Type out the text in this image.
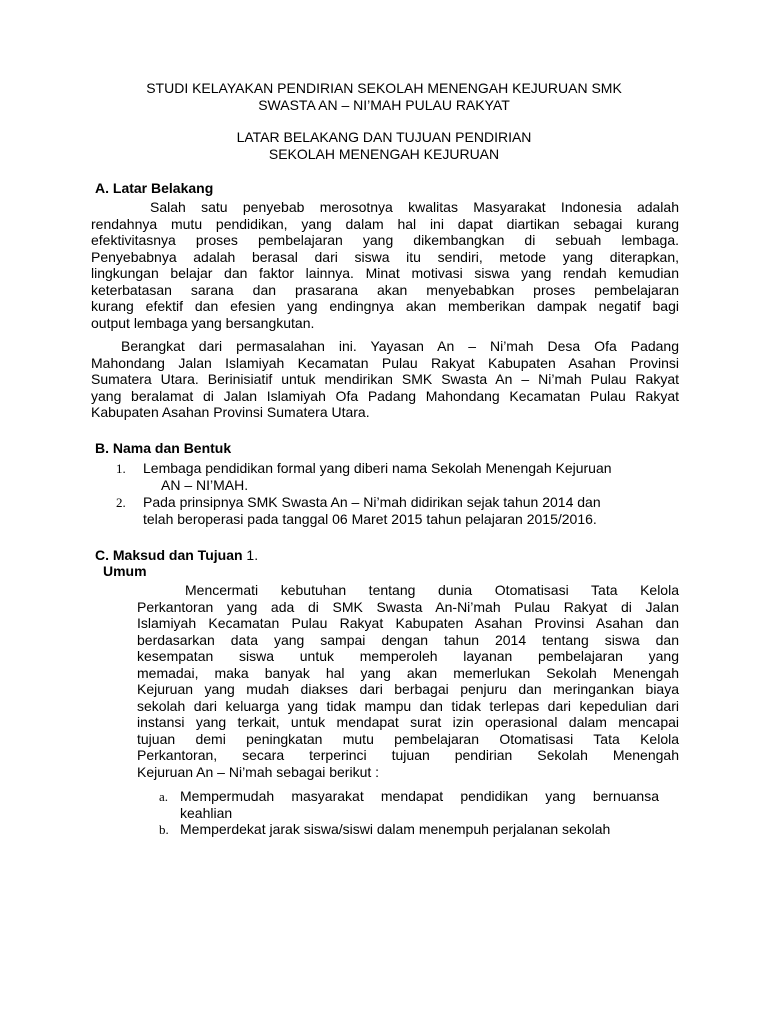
STUDI KELAYAKAN PENDIRIAN SEKOLAH MENENGAH KEJURUAN SMK
SWASTA AN – NI’MAH PULAU RAKYAT
LATAR BELAKANG DAN TUJUAN PENDIRIAN
SEKOLAH MENENGAH KEJURUAN
A. Latar Belakang
Salah satu penyebab merosotnya kwalitas Masyarakat Indonesia adalah
rendahnya mutu pendidikan, yang dalam hal ini dapat diartikan sebagai kurang
efektivitasnya proses pembelajaran yang dikembangkan di sebuah lembaga.
Penyebabnya adalah berasal dari siswa itu sendiri, metode yang diterapkan,
lingkungan belajar dan faktor lainnya. Minat motivasi siswa yang rendah kemudian
keterbatasan sarana dan prasarana akan menyebabkan proses pembelajaran
kurang efektif dan efesien yang endingnya akan memberikan dampak negatif bagi
output lembaga yang bersangkutan.
Berangkat dari permasalahan ini. Yayasan An – Ni’mah Desa Ofa Padang
Mahondang Jalan Islamiyah Kecamatan Pulau Rakyat Kabupaten Asahan Provinsi
Sumatera Utara. Berinisiatif untuk mendirikan SMK Swasta An – Ni’mah Pulau Rakyat
yang beralamat di Jalan Islamiyah Ofa Padang Mahondang Kecamatan Pulau Rakyat
Kabupaten Asahan Provinsi Sumatera Utara.
B. Nama dan Bentuk
1.	Lembaga pendidikan formal yang diberi nama Sekolah Menengah Kejuruan
AN – NI’MAH.
2.	Pada prinsipnya SMK Swasta An – Ni’mah didirikan sejak tahun 2014 dan
telah beroperasi pada tanggal 06 Maret 2015 tahun pelajaran 2015/2016.
C. Maksud dan Tujuan 1.
Umum
Mencermati kebutuhan tentang dunia Otomatisasi Tata Kelola
Perkantoran yang ada di SMK Swasta An-Ni’mah Pulau Rakyat di Jalan
Islamiyah Kecamatan Pulau Rakyat Kabupaten Asahan Provinsi Asahan dan
berdasarkan data yang sampai dengan tahun 2014 tentang siswa dan
kesempatan siswa untuk memperoleh layanan pembelajaran yang
memadai, maka banyak hal yang akan memerlukan Sekolah Menengah
Kejuruan yang mudah diakses dari berbagai penjuru dan meringankan biaya
sekolah dari keluarga yang tidak mampu dan tidak terlepas dari kepedulian dari
instansi yang terkait, untuk mendapat surat izin operasional dalam mencapai
tujuan demi peningkatan mutu pembelajaran Otomatisasi Tata Kelola
Perkantoran, secara terperinci tujuan pendirian Sekolah Menengah
Kejuruan An – Ni’mah sebagai berikut :
a. Mempermudah masyarakat mendapat pendidikan yang bernuansa
keahlian
b. Memperdekat jarak siswa/siswi dalam menempuh perjalanan sekolah
